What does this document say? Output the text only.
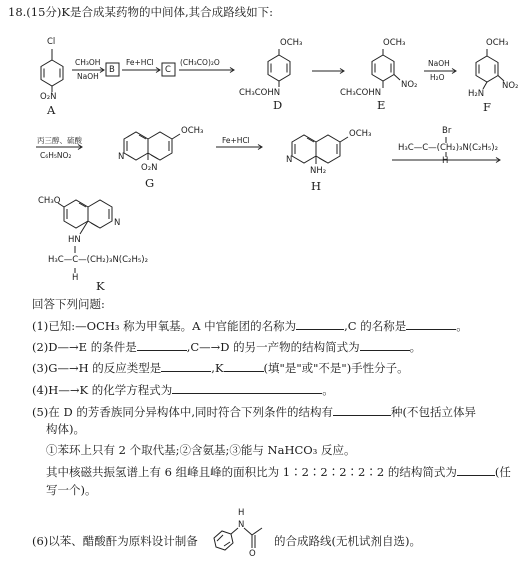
18.(15分)K是合成某药物的中间体,其合成路线如下:
Cl
O₂N
A
CH₃OH
NaOH
B
Fe+HCl
C
(CH₃CO)₂O
OCH₃
CH₃COHN
D
OCH₃
NO₂
CH₃COHN
E
NaOH
H₂O
OCH₃
NO₂
H₂N
F
丙三醇、硫酸
C₆H₅NO₂
OCH₃
N
O₂N
G
Fe+HCl
OCH₃
N
NH₂
H
Br
H₃C—C—(CH₂)₃N(C₂H₅)₂
H
CH₃O
N
HN
H₃C—C—(CH₂)₃N(C₂H₅)₂
H
K
回答下列问题:
(1)已知:—OCH₃ 称为甲氧基。A 中官能团的名称为	,C 的名称是	。
(2)D—→E 的条件是	,C—→D 的另一产物的结构简式为	。
(3)G—→H 的反应类型是	,K	(填"是"或"不是")手性分子。
(4)H—→K 的化学方程式为	。
(5)在 D 的芳香族同分异构体中,同时符合下列条件的结构有	种(不包括立体异
构体)。
①苯环上只有 2 个取代基;②含氨基;③能与 NaHCO₃ 反应。
其中核磁共振氢谱上有 6 组峰且峰的面积比为 1∶2∶2∶2∶2∶2 的结构简式为	(任
写一个)。
(6)以苯、醋酸酐为原料设计制备
H
N
O
的合成路线(无机试剂自选)。
